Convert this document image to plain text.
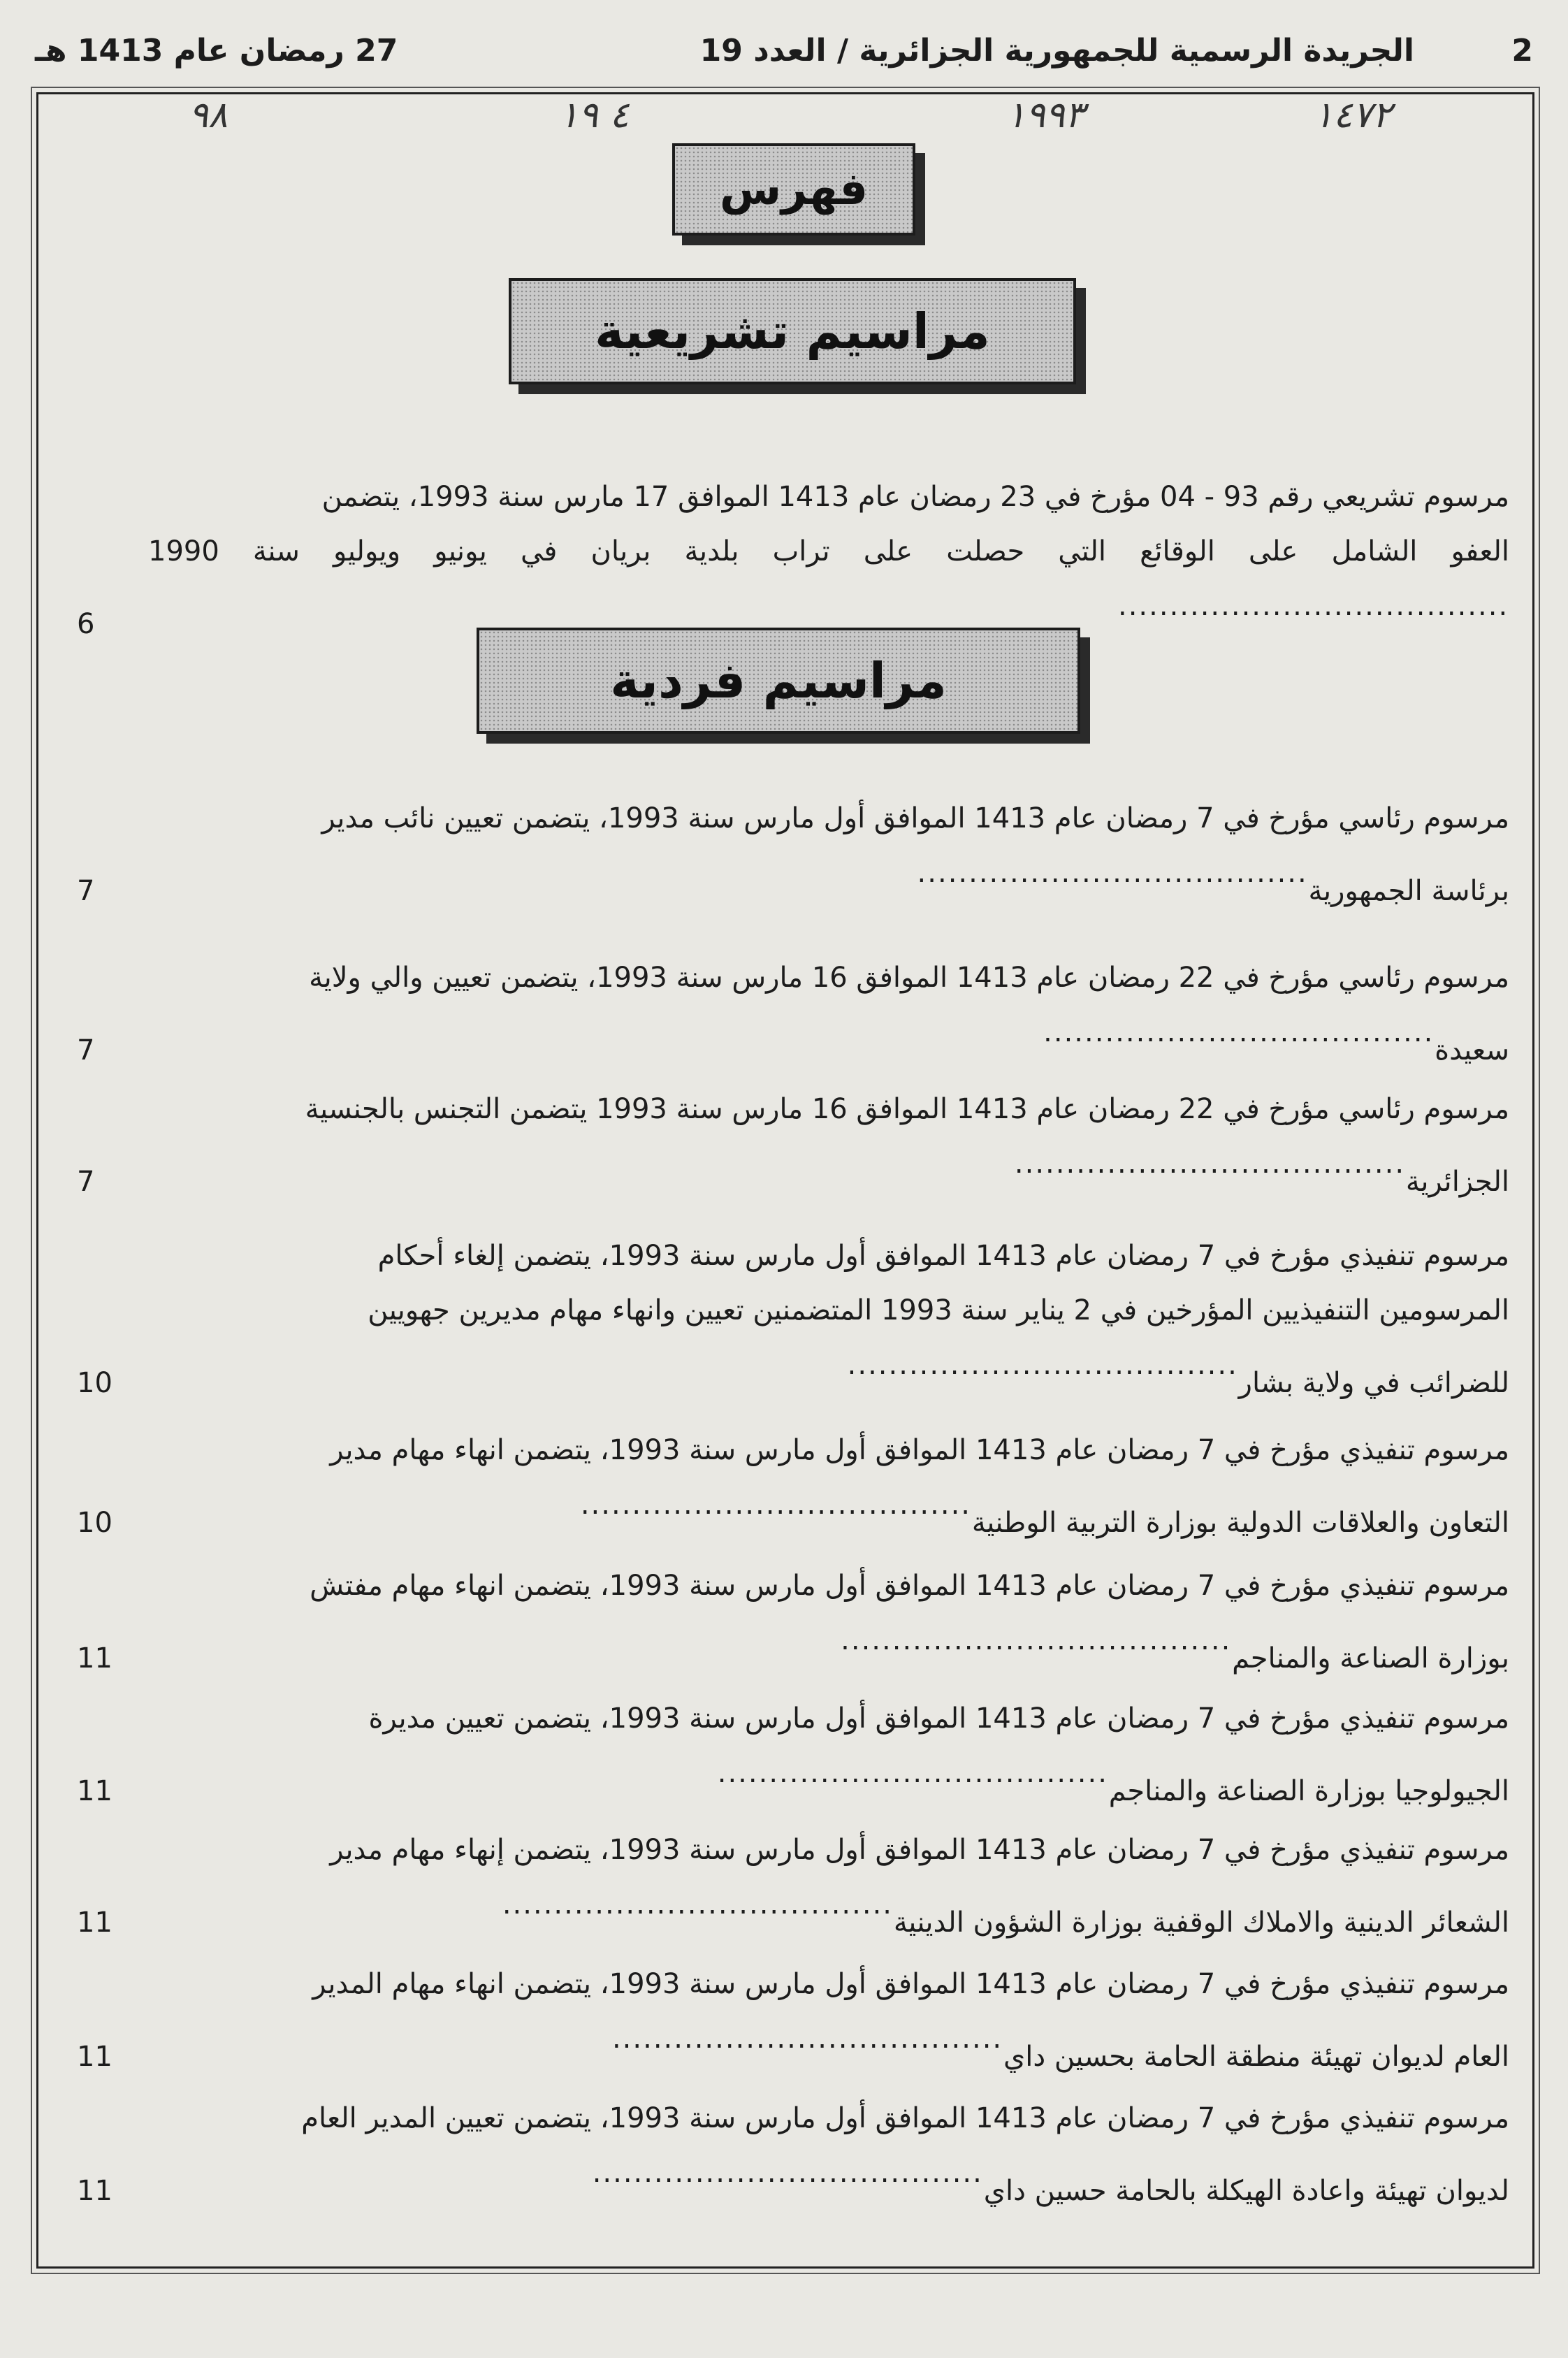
2
الجريدة الرسمية للجمهورية الجزائرية / العدد 19
27 رمضان عام 1413 هـ
٩٨	٤ ١٩	١٩٩٣	١٤٧٢
فهرس
مراسيم تشريعية
مراسيم فردية
مرسوم تشريعي رقم 93 - 04 مؤرخ في 23 رمضان عام 1413 الموافق 17 مارس سنة 1993، يتضمن
العفو الشامل على الوقائع التي حصلت على تراب بلدية بريان في يونيو ويوليو سنة 1990.....
6
مرسوم رئاسي مؤرخ في 7 رمضان عام 1413 الموافق أول مارس سنة 1993، يتضمن تعيين نائب مدير
برئاسة الجمهورية.....
7
مرسوم رئاسي مؤرخ في 22 رمضان عام 1413 الموافق 16 مارس سنة 1993، يتضمن تعيين والي ولاية
سعيدة.....
7
مرسوم رئاسي مؤرخ في 22 رمضان عام 1413 الموافق 16 مارس سنة 1993 يتضمن التجنس بالجنسية
الجزائرية.....
7
مرسوم تنفيذي مؤرخ في 7 رمضان عام 1413 الموافق أول مارس سنة 1993، يتضمن إلغاء أحكام
المرسومين التنفيذيين المؤرخين في 2 يناير سنة 1993 المتضمنين تعيين وانهاء مهام مديرين جهويين
للضرائب في ولاية بشار.....
10
مرسوم تنفيذي مؤرخ في 7 رمضان عام 1413 الموافق أول مارس سنة 1993، يتضمن انهاء مهام مدير
التعاون والعلاقات الدولية بوزارة التربية الوطنية.....
10
مرسوم تنفيذي مؤرخ في 7 رمضان عام 1413 الموافق أول مارس سنة 1993، يتضمن انهاء مهام مفتش
بوزارة الصناعة والمناجم.....
11
مرسوم تنفيذي مؤرخ في 7 رمضان عام 1413 الموافق أول مارس سنة 1993، يتضمن تعيين مديرة
الجيولوجيا بوزارة الصناعة والمناجم.....
11
مرسوم تنفيذي مؤرخ في 7 رمضان عام 1413 الموافق أول مارس سنة 1993، يتضمن إنهاء مهام مدير
الشعائر الدينية والاملاك الوقفية بوزارة الشؤون الدينية.....
11
مرسوم تنفيذي مؤرخ في 7 رمضان عام 1413 الموافق أول مارس سنة 1993، يتضمن انهاء مهام المدير
العام لديوان تهيئة منطقة الحامة بحسين داي.....
11
مرسوم تنفيذي مؤرخ في 7 رمضان عام 1413 الموافق أول مارس سنة 1993، يتضمن تعيين المدير العام
لديوان تهيئة واعادة الهيكلة بالحامة حسين داي.....
11
